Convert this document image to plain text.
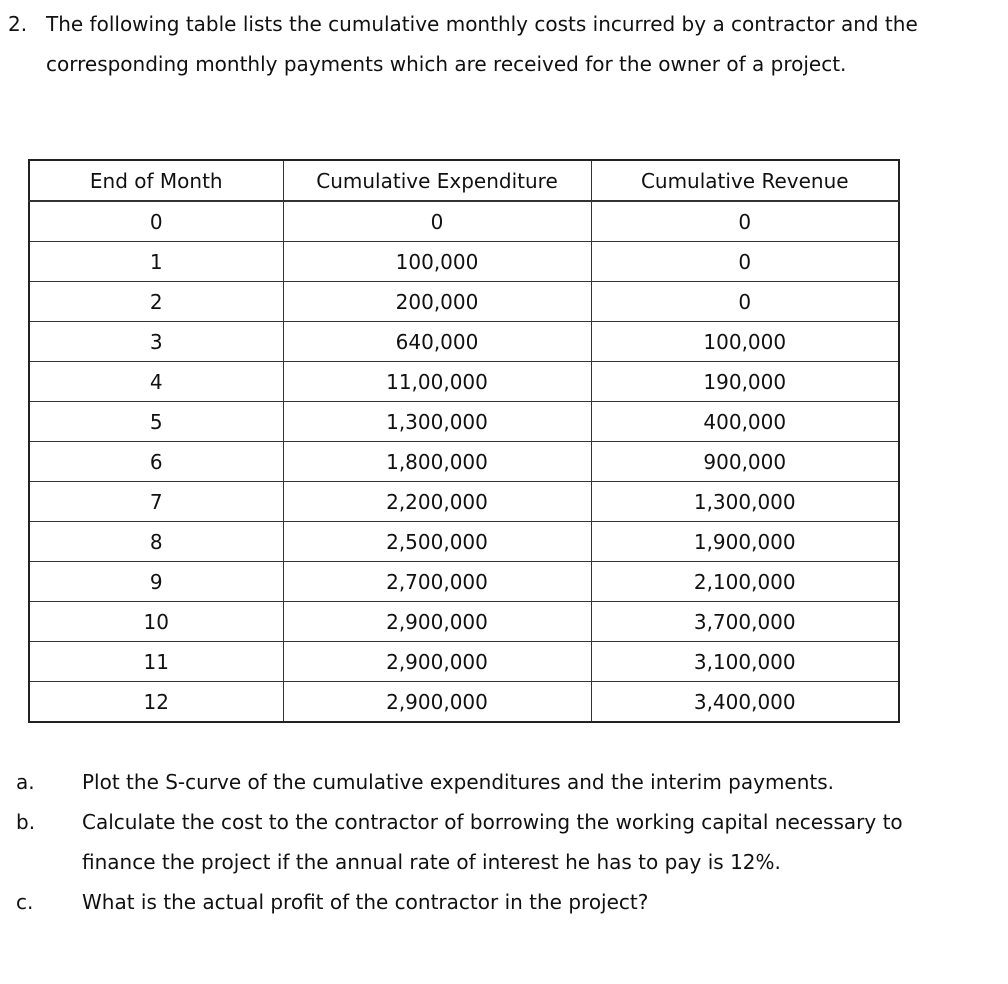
2. The following table lists the cumulative monthly costs incurred by a contractor and the corresponding monthly payments which are received for the owner of a project.
End of Month	Cumulative Expenditure	Cumulative Revenue
0	0	0
1	100,000	0
2	200,000	0
3	640,000	100,000
4	11,00,000	190,000
5	1,300,000	400,000
6	1,800,000	900,000
7	2,200,000	1,300,000
8	2,500,000	1,900,000
9	2,700,000	2,100,000
10	2,900,000	3,700,000
11	2,900,000	3,100,000
12	2,900,000	3,400,000
a. Plot the S-curve of the cumulative expenditures and the interim payments.
b. Calculate the cost to the contractor of borrowing the working capital necessary to finance the project if the annual rate of interest he has to pay is 12%.
c. What is the actual profit of the contractor in the project?
